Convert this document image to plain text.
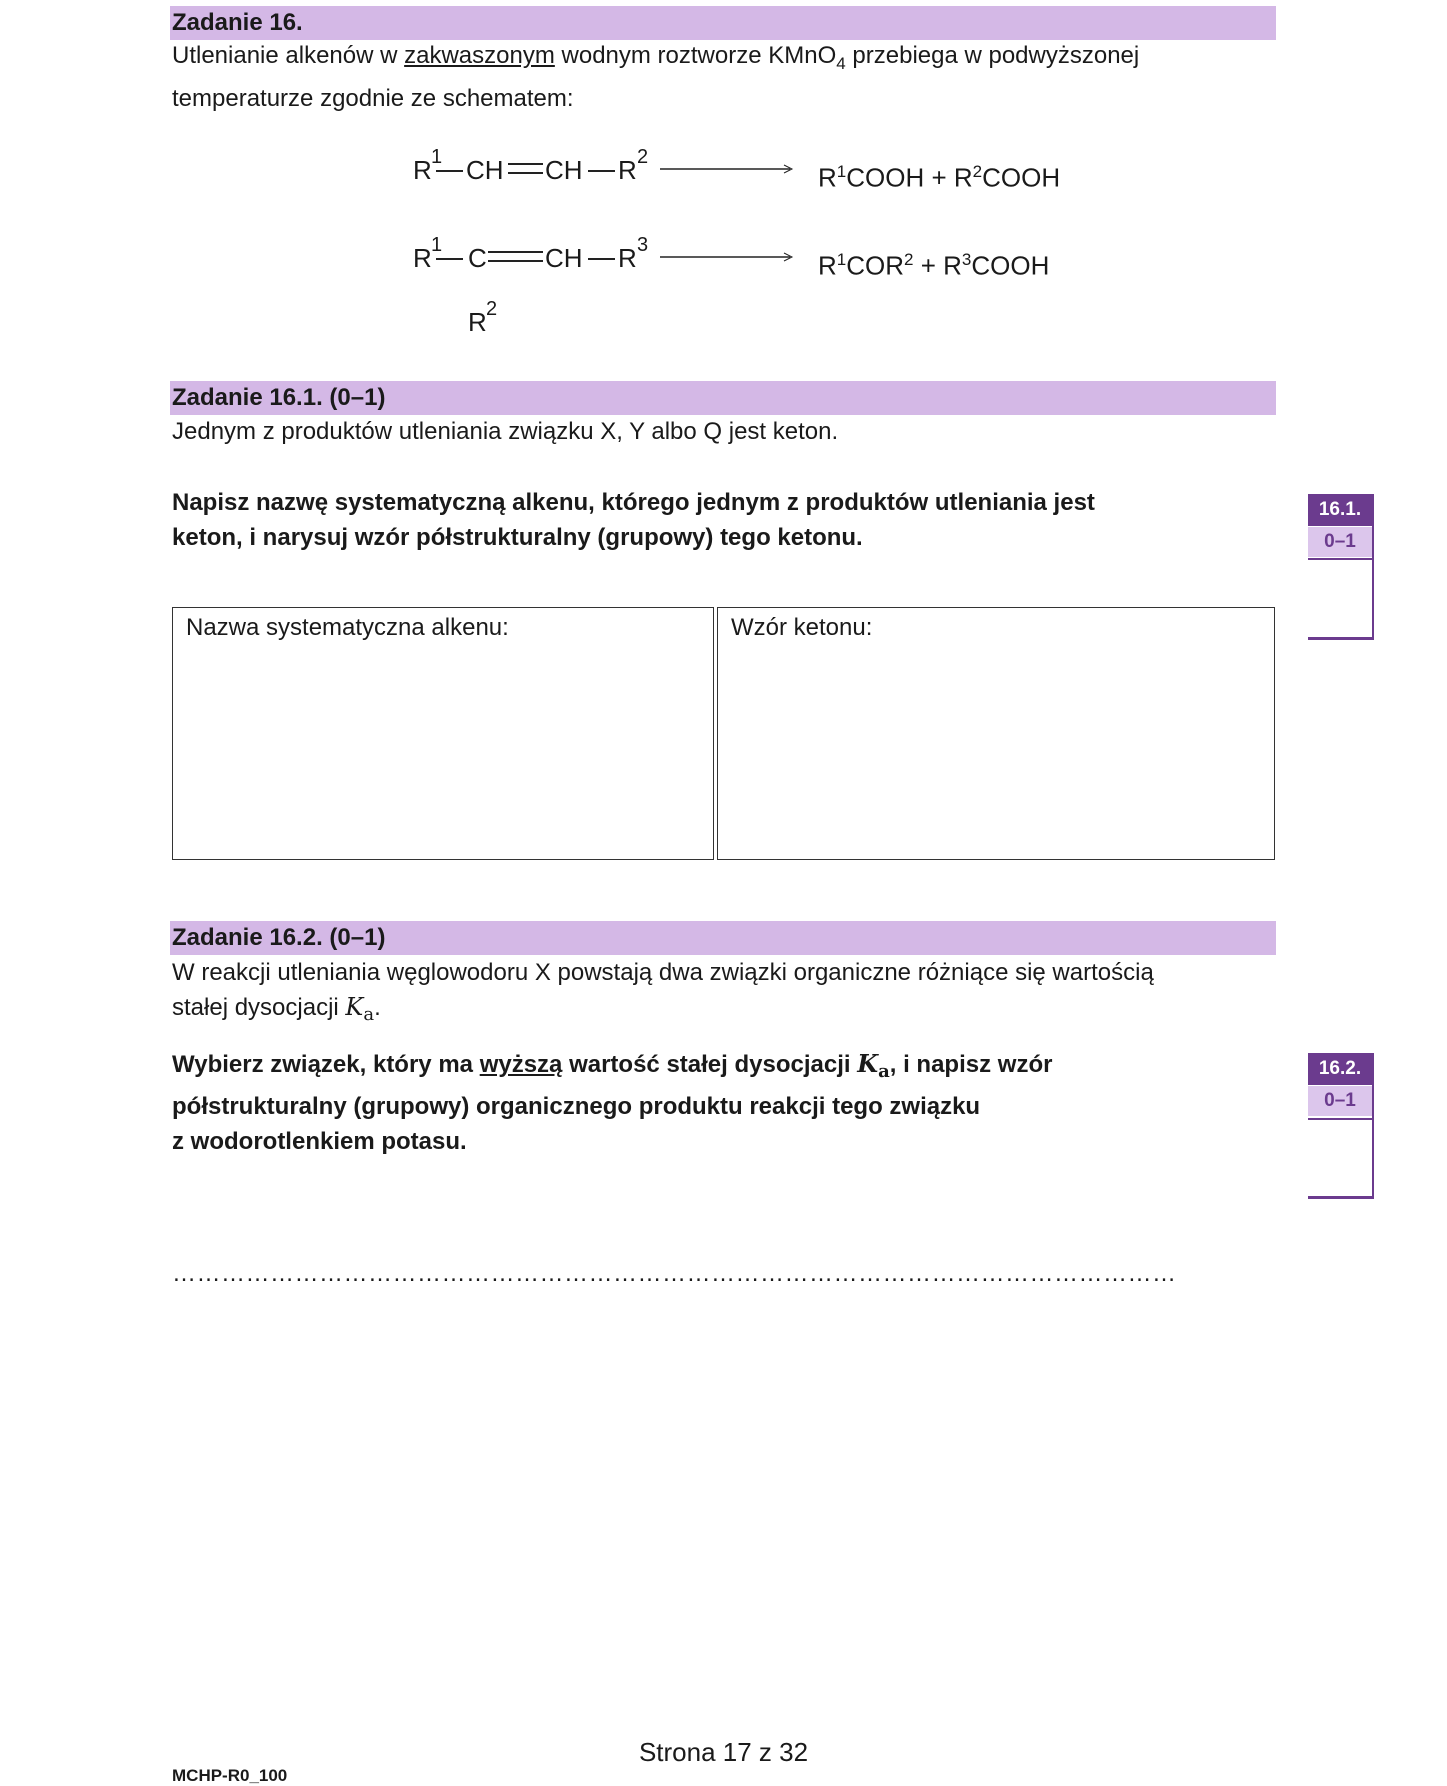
Zadanie 16.
Utlenianie alkenów w zakwaszonym wodnym roztworze KMnO$_4$ przebiega w podwyższonej
temperaturze zgodnie ze schematem:
R 1 CH CH R 2
$R^1COOH$ + $R^2COOH$
R 1 C CH R 3
R 2
$R^1COR^2$ + $R^3COOH$
Zadanie 16.1. (0–1)
Jednym z produktów utleniania związku X, Y albo Q jest keton.
Napisz nazwę systematyczną alkenu, którego jednym z produktów utleniania jest
keton, i narysuj wzór półstrukturalny (grupowy) tego ketonu.
Nazwa systematyczna alkenu:	Wzór ketonu:
16.1.
0–1
Zadanie 16.2. (0–1)
W reakcji utleniania węglowodoru X powstają dwa związki organiczne różniące się wartością
stałej dysocjacji $K_a$.
Wybierz związek, który ma wyższą wartość stałej dysocjacji $K_a$, i napisz wzór
półstrukturalny (grupowy) organicznego produktu reakcji tego związku
z wodorotlenkiem potasu.
……………………………………………………………………………………………………………
16.2.
0–1
Strona 17 z 32
MCHP-R0_100
